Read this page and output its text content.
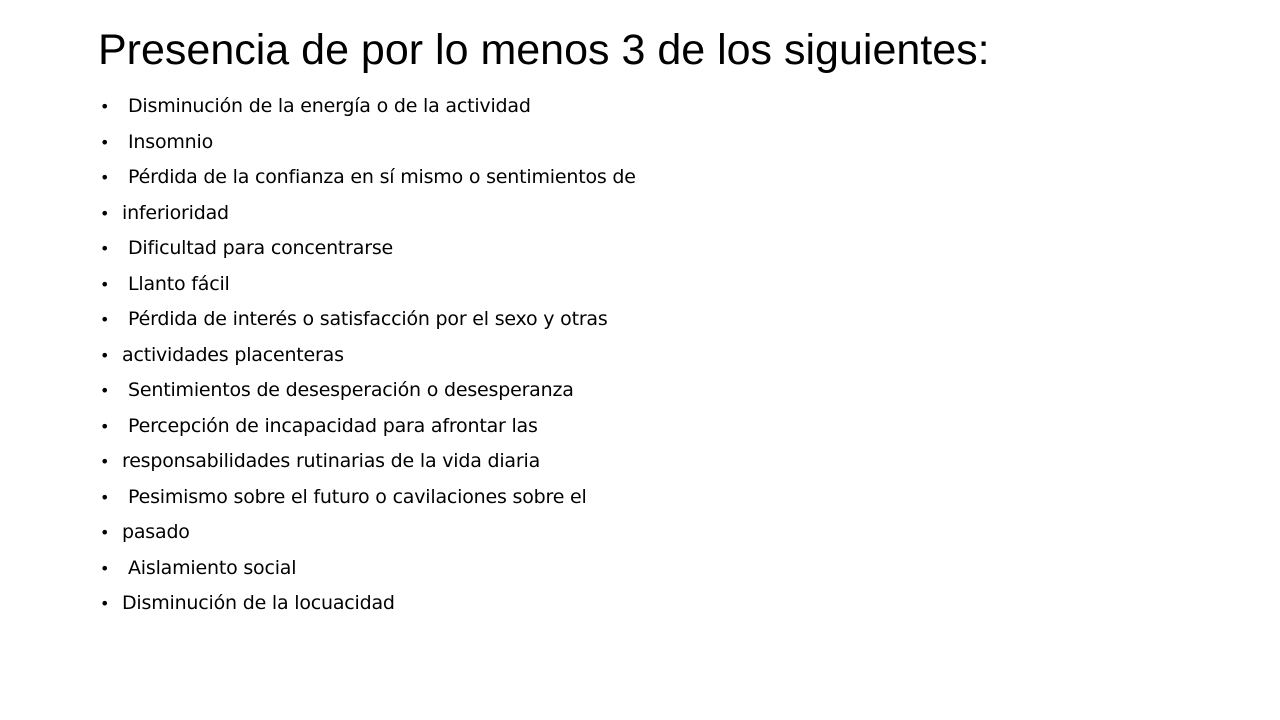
Presencia de por lo menos 3 de los siguientes:
• Disminución de la energía o de la actividad
• Insomnio
• Pérdida de la confianza en sí mismo o sentimientos de
• inferioridad
• Dificultad para concentrarse
• Llanto fácil
• Pérdida de interés o satisfacción por el sexo y otras
• actividades placenteras
• Sentimientos de desesperación o desesperanza
• Percepción de incapacidad para afrontar las
• responsabilidades rutinarias de la vida diaria
• Pesimismo sobre el futuro o cavilaciones sobre el
• pasado
• Aislamiento social
• Disminución de la locuacidad
